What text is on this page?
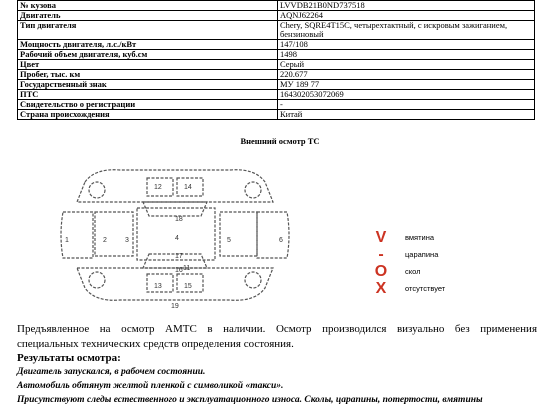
№ кузова	LVVDB21B0ND737518

Двигатель	AQNJ62264

Тип двигателя	Chery, SQRE4T15C, четырехтактный, с искровым зажиганием,
бензиновый

Мощность двигателя, л.с./кВт	147/108

Рабочий объем двигателя, куб.см	1498

Цвет	Серый

Пробег, тыс. км	220.677

Государственный знак	МУ 189 77

ПТС	164302053072069

Свидетельство о регистрации	-

Страна происхождения	Китай
Внешний осмотр ТС
12	14
18
1	2	3	4	5	6
17
16 11
13	15
19
V	вмятина
-	царапина
O	скол
X	отсутствует
Предъявленное на осмотр АМТС в наличии. Осмотр производился визуально без применения
специальных технических средств определения состояния.
Результаты осмотра:
Двигатель запускался, в рабочем состоянии.
Автомобиль обтянут желтой пленкой с символикой «такси».
Присутствуют следы естественного и эксплуатационного износа. Сколы, царапины, потертости, вмятины
